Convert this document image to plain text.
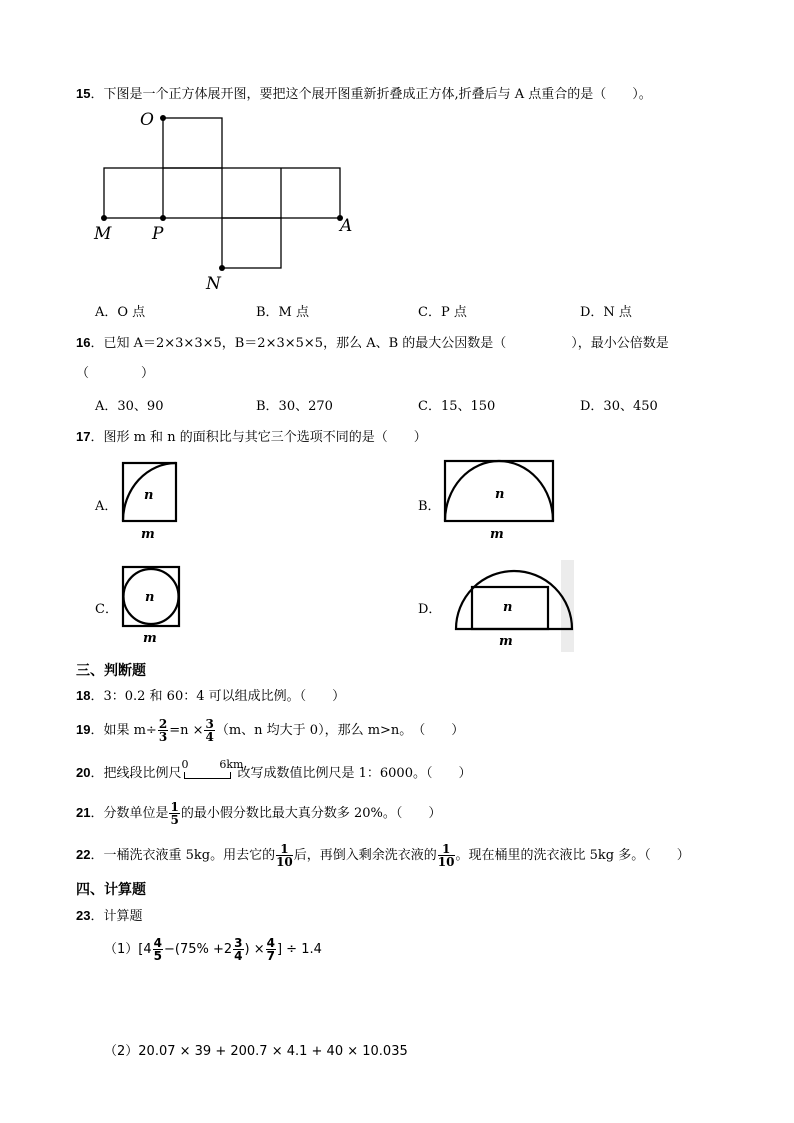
15．下图是一个正方体展开图，要把这个展开图重新折叠成正方体,折叠后与 A 点重合的是（　　）。
O
M P	A
N
A．O 点	B．M 点	C．P 点	D．N 点
16．已知 A＝2×3×3×5，B＝2×3×5×5，那么 A、B 的最大公因数是（　　　　　），最小公倍数是
（　　　　）
A．30、90	B．30、270	C．15、150	D．30、450
17．图形 m 和 n 的面积比与其它三个选项不同的是（　　）
A．
n
m
B．
n
m
C．
n
m
D．	n
m
三、判断题
18．3：0.2 和 60：4 可以组成比例。（　　）
19．如果 $m\div \frac{2}{3} =n \times \frac{3}{4} (m$、n 均大于 0），那么 m>n。　（　　）
20．把线段比例尺
0	6km
改写成数值比例尺是 1：6000。（　　）
21．分数单位是 $\frac{1}{5}$ 的最小假分数比最大真分数多 20%。（　　）
22．一桶洗衣液重 5kg。用去它的 $\frac{1}{10}$ 后，再倒入剩余洗衣液的 $\frac{1}{10}$ 。现在桶里的洗衣液比 5kg 多。（　　）
四、计算题
23．计算题
$(1)[4 \frac{4}{5} -(75\% +2 \frac{3}{4}$ ) × $\frac{4}{7}$ ] ÷ 1.4
（2）20.07 × 39 + 200.7 × 4.1 + 40 × 10.035
